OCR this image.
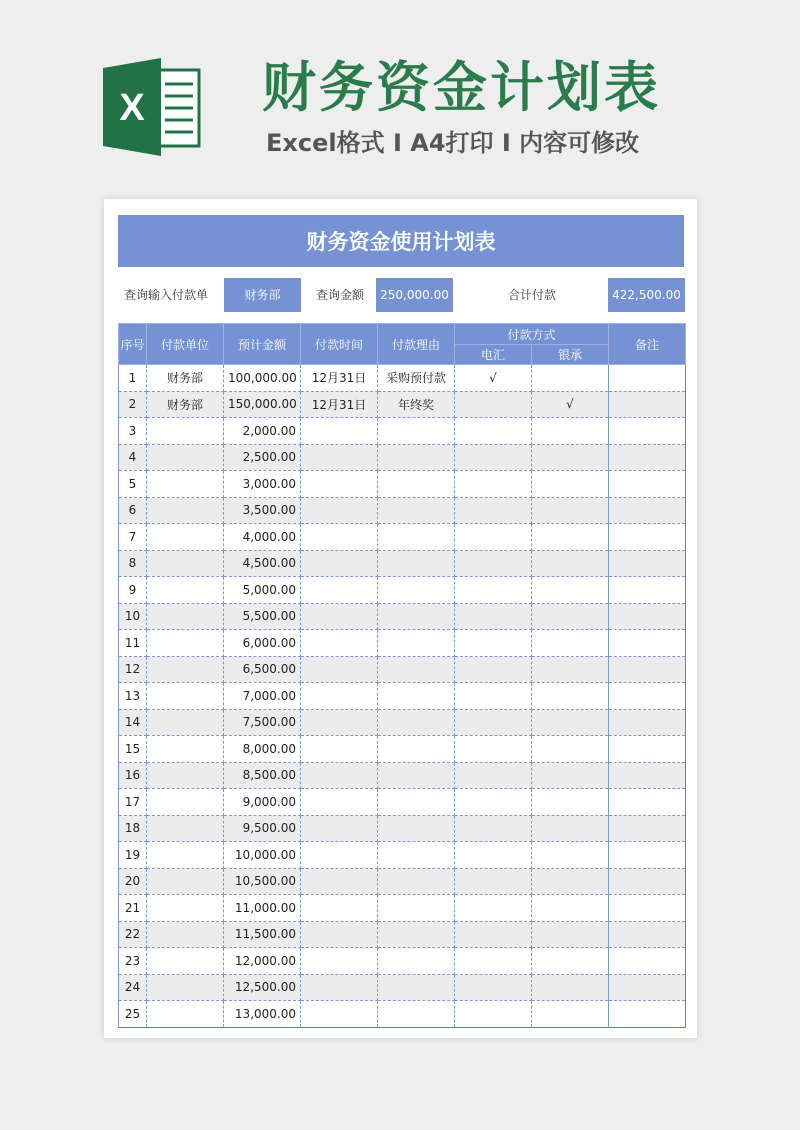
X 财务资金计划表
Excel格式 I A4打印 I 内容可修改
财务资金使用计划表
查询输入付款单	财务部	查询金额	250,000.00	合计付款	422,500.00
序号	付款单位	预计金额	付款时间	付款理由	付款方式		备注
					电汇	银承	
1	财务部	100,000.00	12月31日	采购预付款	√		
2	财务部	150,000.00	12月31日	年终奖		√	
3		2,000.00					
4		2,500.00					
5		3,000.00					
6		3,500.00					
7		4,000.00					
8		4,500.00					
9		5,000.00					
10		5,500.00					
11		6,000.00					
12		6,500.00					
13		7,000.00					
14		7,500.00					
15		8,000.00					
16		8,500.00					
17		9,000.00					
18		9,500.00					
19		10,000.00					
20		10,500.00					
21		11,000.00					
22		11,500.00					
23		12,000.00					
24		12,500.00					
25		13,000.00					
